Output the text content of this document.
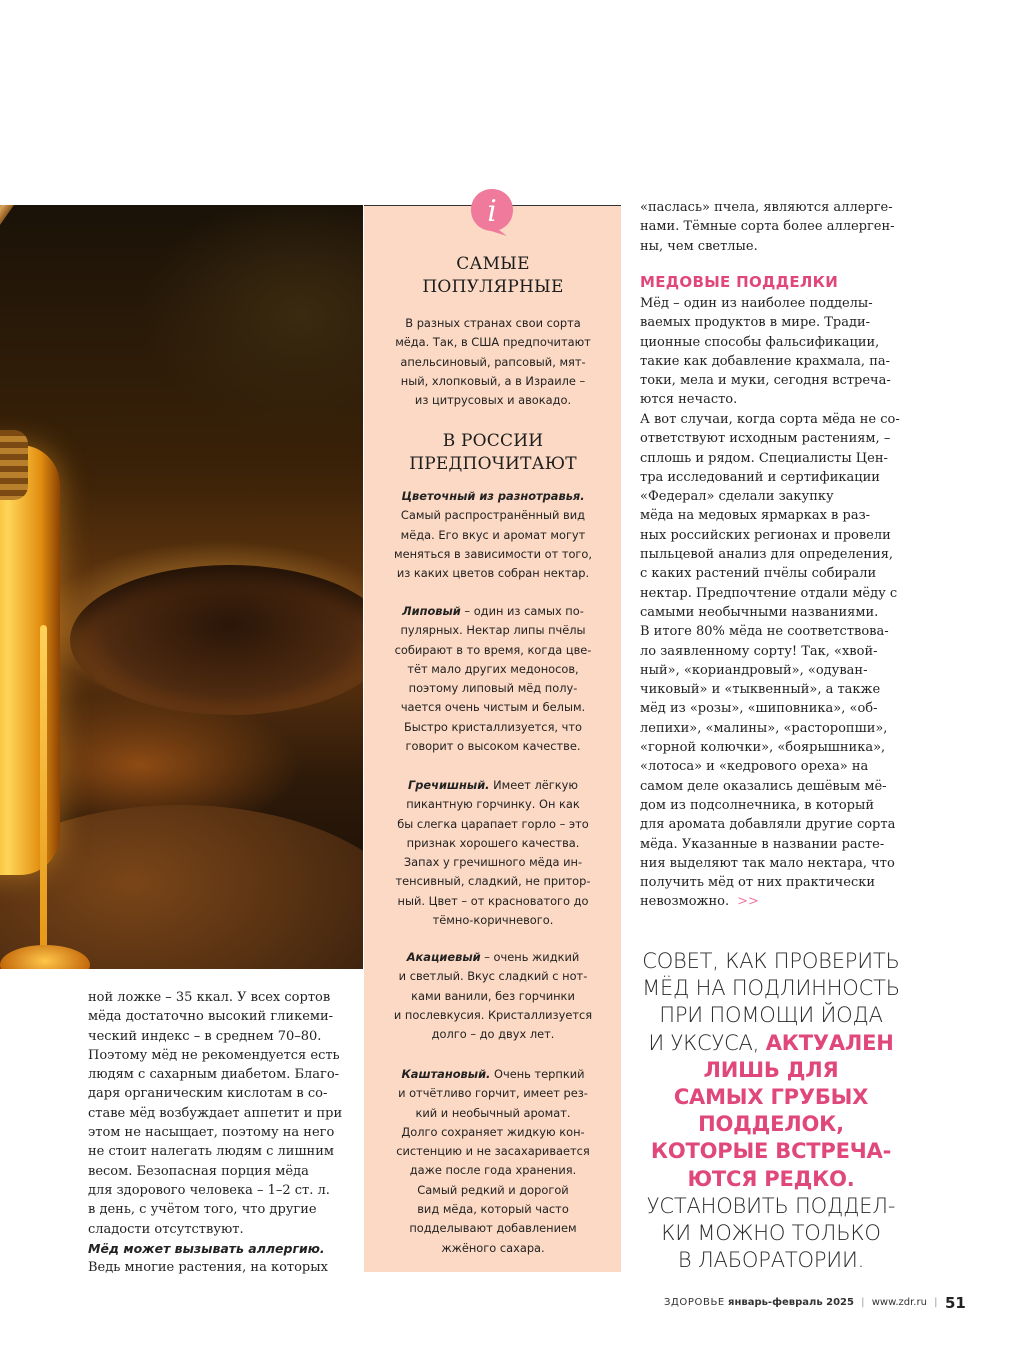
ной ложке – 35 ккал. У всех сортов
мёда достаточно высокий гликеми-
ческий индекс – в среднем 70–80.
Поэтому мёд не рекомендуется есть
людям с сахарным диабетом. Благо-
даря органическим кислотам в со-
ставе мёд возбуждает аппетит и при
этом не насыщает, поэтому на него
не стоит налегать людям с лишним
весом. Безопасная порция мёда
для здорового человека – 1–2 ст. л.
в день, с учётом того, что другие
сладости отсутствуют.
Мёд может вызывать аллергию.
Ведь многие растения, на которых
i
САМЫЕ
ПОПУЛЯРНЫЕ
В разных странах свои сорта
мёда. Так, в США предпочитают
апельсиновый, рапсовый, мят-
ный, хлопковый, а в Израиле –
из цитрусовых и авокадо.
В РОССИИ
ПРЕДПОЧИТАЮТ
Цветочный из разнотравья.
Самый распространённый вид
мёда. Его вкус и аромат могут
меняться в зависимости от того,
из каких цветов собран нектар.
Липовый – один из самых по-
пулярных. Нектар липы пчёлы
собирают в то время, когда цве-
тёт мало других медоносов,
поэтому липовый мёд полу-
чается очень чистым и белым.
Быстро кристаллизуется, что
говорит о высоком качестве.
Гречишный. Имеет лёгкую
пикантную горчинку. Он как
бы слегка царапает горло – это
признак хорошего качества.
Запах у гречишного мёда ин-
тенсивный, сладкий, не притор-
ный. Цвет – от красноватого до
тёмно-коричневого.
Акациевый – очень жидкий
и светлый. Вкус сладкий с нот-
ками ванили, без горчинки
и послевкусия. Кристаллизуется
долго – до двух лет.
Каштановый. Очень терпкий
и отчётливо горчит, имеет рез-
кий и необычный аромат.
Долго сохраняет жидкую кон-
систенцию и не засахаривается
даже после года хранения.
Самый редкий и дорогой
вид мёда, который часто
подделывают добавлением
жжёного сахара.
«паслась» пчела, являются аллерге-
нами. Тёмные сорта более аллерген-
ны, чем светлые.
МЕДОВЫЕ ПОДДЕЛКИ
Мёд – один из наиболее подделы-
ваемых продуктов в мире. Тради-
ционные способы фальсификации,
такие как добавление крахмала, па-
токи, мела и муки, сегодня встреча-
ются нечасто.
А вот случаи, когда сорта мёда не со-
ответствуют исходным растениям, –
сплошь и рядом. Специалисты Цен-
тра исследований и сертификации
«Федерал» сделали закупку
мёда на медовых ярмарках в раз-
ных российских регионах и провели
пыльцевой анализ для определения,
с каких растений пчёлы собирали
нектар. Предпочтение отдали мёду с
самыми необычными названиями.
В итоге 80% мёда не соответствова-
ло заявленному сорту! Так, «хвой-
ный», «кориандровый», «одуван-
чиковый» и «тыквенный», а также
мёд из «розы», «шиповника», «об-
лепихи», «малины», «расторопши»,
«горной колючки», «боярышника»,
«лотоса» и «кедрового ореха» на
самом деле оказались дешёвым мё-
дом из подсолнечника, в который
для аромата добавляли другие сорта
мёда. Указанные в названии расте-
ния выделяют так мало нектара, что
получить мёд от них практически
невозможно. >>
СОВЕТ, КАК ПРОВЕРИТЬ
МЁД НА ПОДЛИННОСТЬ
ПРИ ПОМОЩИ ЙОДА
И УКСУСА, АКТУАЛЕН
ЛИШЬ ДЛЯ
САМЫХ ГРУБЫХ
ПОДДЕЛОК,
КОТОРЫЕ ВСТРЕЧА-
ЮТСЯ РЕДКО.
УСТАНОВИТЬ ПОДДЕЛ-
КИ МОЖНО ТОЛЬКО
В ЛАБОРАТОРИИ.
ЗДОРОВЬЕ январь-февраль 2025 | www.zdr.ru | 51
